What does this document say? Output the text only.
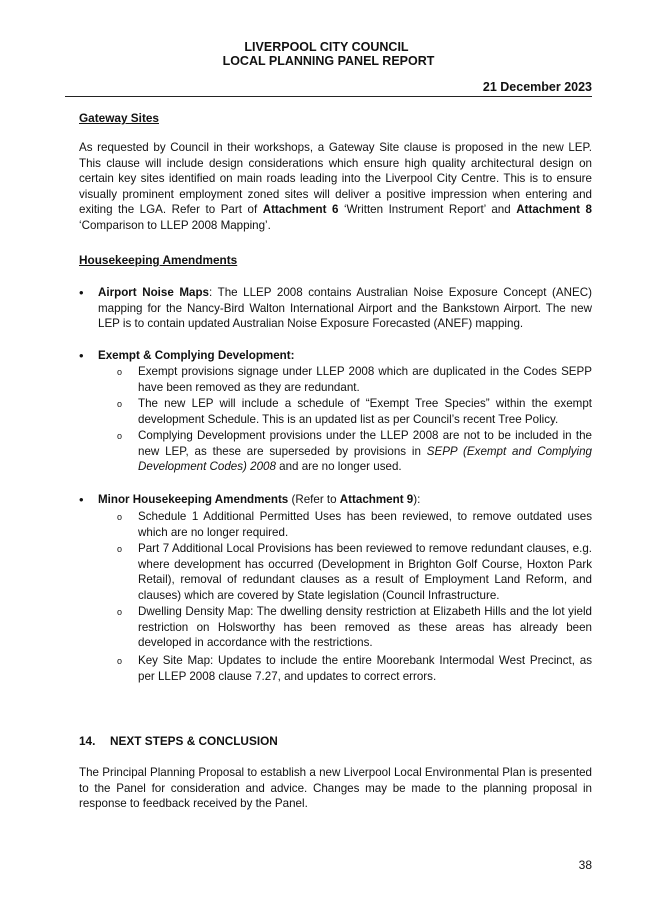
LIVERPOOL CITY COUNCIL
LOCAL PLANNING PANEL REPORT
21 December 2023
Gateway Sites
As requested by Council in their workshops, a Gateway Site clause is proposed in the new LEP. This clause will include design considerations which ensure high quality architectural design on certain key sites identified on main roads leading into the Liverpool City Centre. This is to ensure visually prominent employment zoned sites will deliver a positive impression when entering and exiting the LGA. Refer to Part of Attachment 6 ‘Written Instrument Report’ and Attachment 8 ‘Comparison to LLEP 2008 Mapping’.
Housekeeping Amendments
• Airport Noise Maps: The LLEP 2008 contains Australian Noise Exposure Concept (ANEC) mapping for the Nancy-Bird Walton International Airport and the Bankstown Airport. The new LEP is to contain updated Australian Noise Exposure Forecasted (ANEF) mapping.
• Exempt & Complying Development:
o Exempt provisions signage under LLEP 2008 which are duplicated in the Codes SEPP have been removed as they are redundant.
o The new LEP will include a schedule of “Exempt Tree Species” within the exempt development Schedule. This is an updated list as per Council’s recent Tree Policy.
o Complying Development provisions under the LLEP 2008 are not to be included in the new LEP, as these are superseded by provisions in SEPP (Exempt and Complying Development Codes) 2008 and are no longer used.
• Minor Housekeeping Amendments (Refer to Attachment 9):
o Schedule 1 Additional Permitted Uses has been reviewed, to remove outdated uses which are no longer required.
o Part 7 Additional Local Provisions has been reviewed to remove redundant clauses, e.g. where development has occurred (Development in Brighton Golf Course, Hoxton Park Retail), removal of redundant clauses as a result of Employment Land Reform, and clauses) which are covered by State legislation (Council Infrastructure.
o Dwelling Density Map: The dwelling density restriction at Elizabeth Hills and the lot yield restriction on Holsworthy has been removed as these areas has already been developed in accordance with the restrictions.
o Key Site Map: Updates to include the entire Moorebank Intermodal West Precinct, as per LLEP 2008 clause 7.27, and updates to correct errors.
14. NEXT STEPS & CONCLUSION
The Principal Planning Proposal to establish a new Liverpool Local Environmental Plan is presented to the Panel for consideration and advice. Changes may be made to the planning proposal in response to feedback received by the Panel.
38
